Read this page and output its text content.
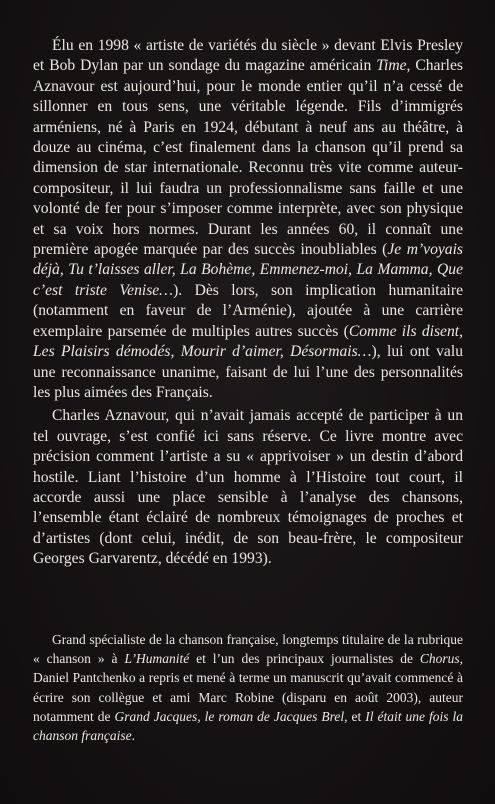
Élu en 1998 « artiste de variétés du siècle » devant Elvis Presley et Bob Dylan par un sondage du magazine américain Time, Charles Aznavour est aujourd’hui, pour le monde entier qu’il n’a cessé de sillonner en tous sens, une véritable légende. Fils d’immigrés arméniens, né à Paris en 1924, débutant à neuf ans au théâtre, à douze au cinéma, c’est finalement dans la chanson qu’il prend sa dimension de star internationale. Reconnu très vite comme auteur-compositeur, il lui faudra un professionnalisme sans faille et une volonté de fer pour s’imposer comme interprète, avec son physique et sa voix hors normes. Durant les années 60, il connaît une première apogée marquée par des succès inoubliables (Je m’voyais déjà, Tu t’laisses aller, La Bohème, Emmenez-moi, La Mamma, Que c’est triste Venise…). Dès lors, son implication humanitaire (notamment en faveur de l’Arménie), ajoutée à une carrière exemplaire parsemée de multiples autres succès (Comme ils disent, Les Plaisirs démodés, Mourir d’aimer, Désormais…), lui ont valu une reconnaissance unanime, faisant de lui l’une des personnalités les plus aimées des Français.

Charles Aznavour, qui n’avait jamais accepté de participer à un tel ouvrage, s’est confié ici sans réserve. Ce livre montre avec précision comment l’artiste a su « apprivoiser » un destin d’abord hostile. Liant l’histoire d’un homme à l’Histoire tout court, il accorde aussi une place sensible à l’analyse des chansons, l’ensemble étant éclairé de nombreux témoignages de proches et d’artistes (dont celui, inédit, de son beau-frère, le compositeur Georges Garvarentz, décédé en 1993).

Grand spécialiste de la chanson française, longtemps titulaire de la rubrique « chanson » à L’Humanité et l’un des principaux journalistes de Chorus, Daniel Pantchenko a repris et mené à terme un manuscrit qu’avait commencé à écrire son collègue et ami Marc Robine (disparu en août 2003), auteur notamment de Grand Jacques, le roman de Jacques Brel, et Il était une fois la chanson française.
